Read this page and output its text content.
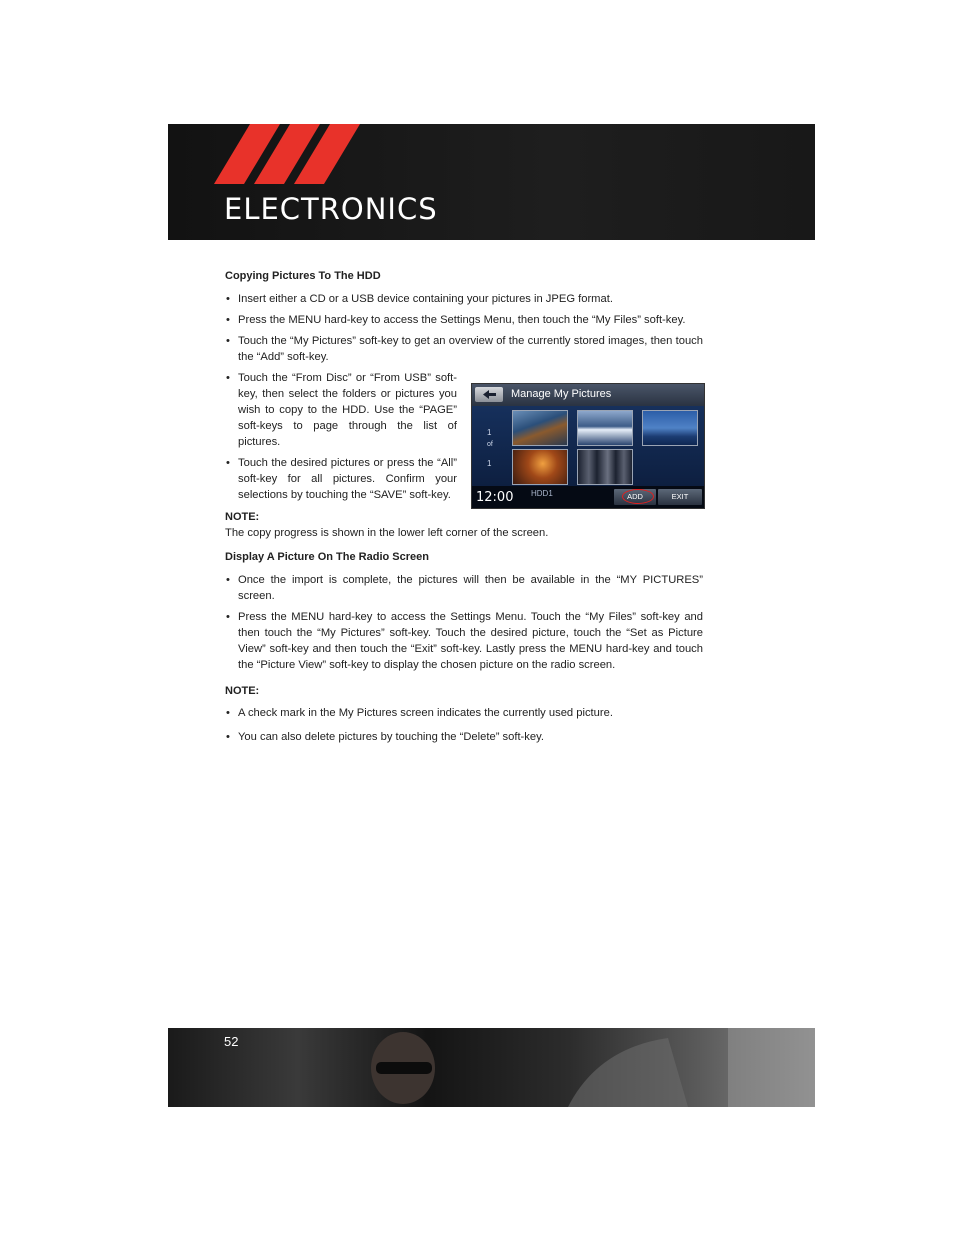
ELECTRONICS
Copying Pictures To The HDD
• Insert either a CD or a USB device containing your pictures in JPEG format.
• Press the MENU hard-key to access the Settings Menu, then touch the “My Files” soft-key.
• Touch the “My Pictures” soft-key to get an overview of the currently stored images, then touch the “Add” soft-key.
• Touch the “From Disc” or “From USB” soft-key, then select the folders or pictures you wish to copy to the HDD. Use the “PAGE” soft-keys to page through the list of pictures.
• Touch the desired pictures or press the “All” soft-key for all pictures. Confirm your selections by touching the “SAVE” soft-key.
NOTE:
The copy progress is shown in the lower left corner of the screen.
Display A Picture On The Radio Screen
• Once the import is complete, the pictures will then be available in the “MY PICTURES” screen.
• Press the MENU hard-key to access the Settings Menu. Touch the “My Files” soft-key and then touch the “My Pictures” soft-key. Touch the desired picture, touch the “Set as Picture View” soft-key and then touch the “Exit” soft-key. Lastly press the MENU hard-key and touch the “Picture View” soft-key to display the chosen picture on the radio screen.
NOTE:
• A check mark in the My Pictures screen indicates the currently used picture.
• You can also delete pictures by touching the “Delete” soft-key.
Manage My Pictures
1
of
1
12:00 HDD1	ADD	EXIT
52
